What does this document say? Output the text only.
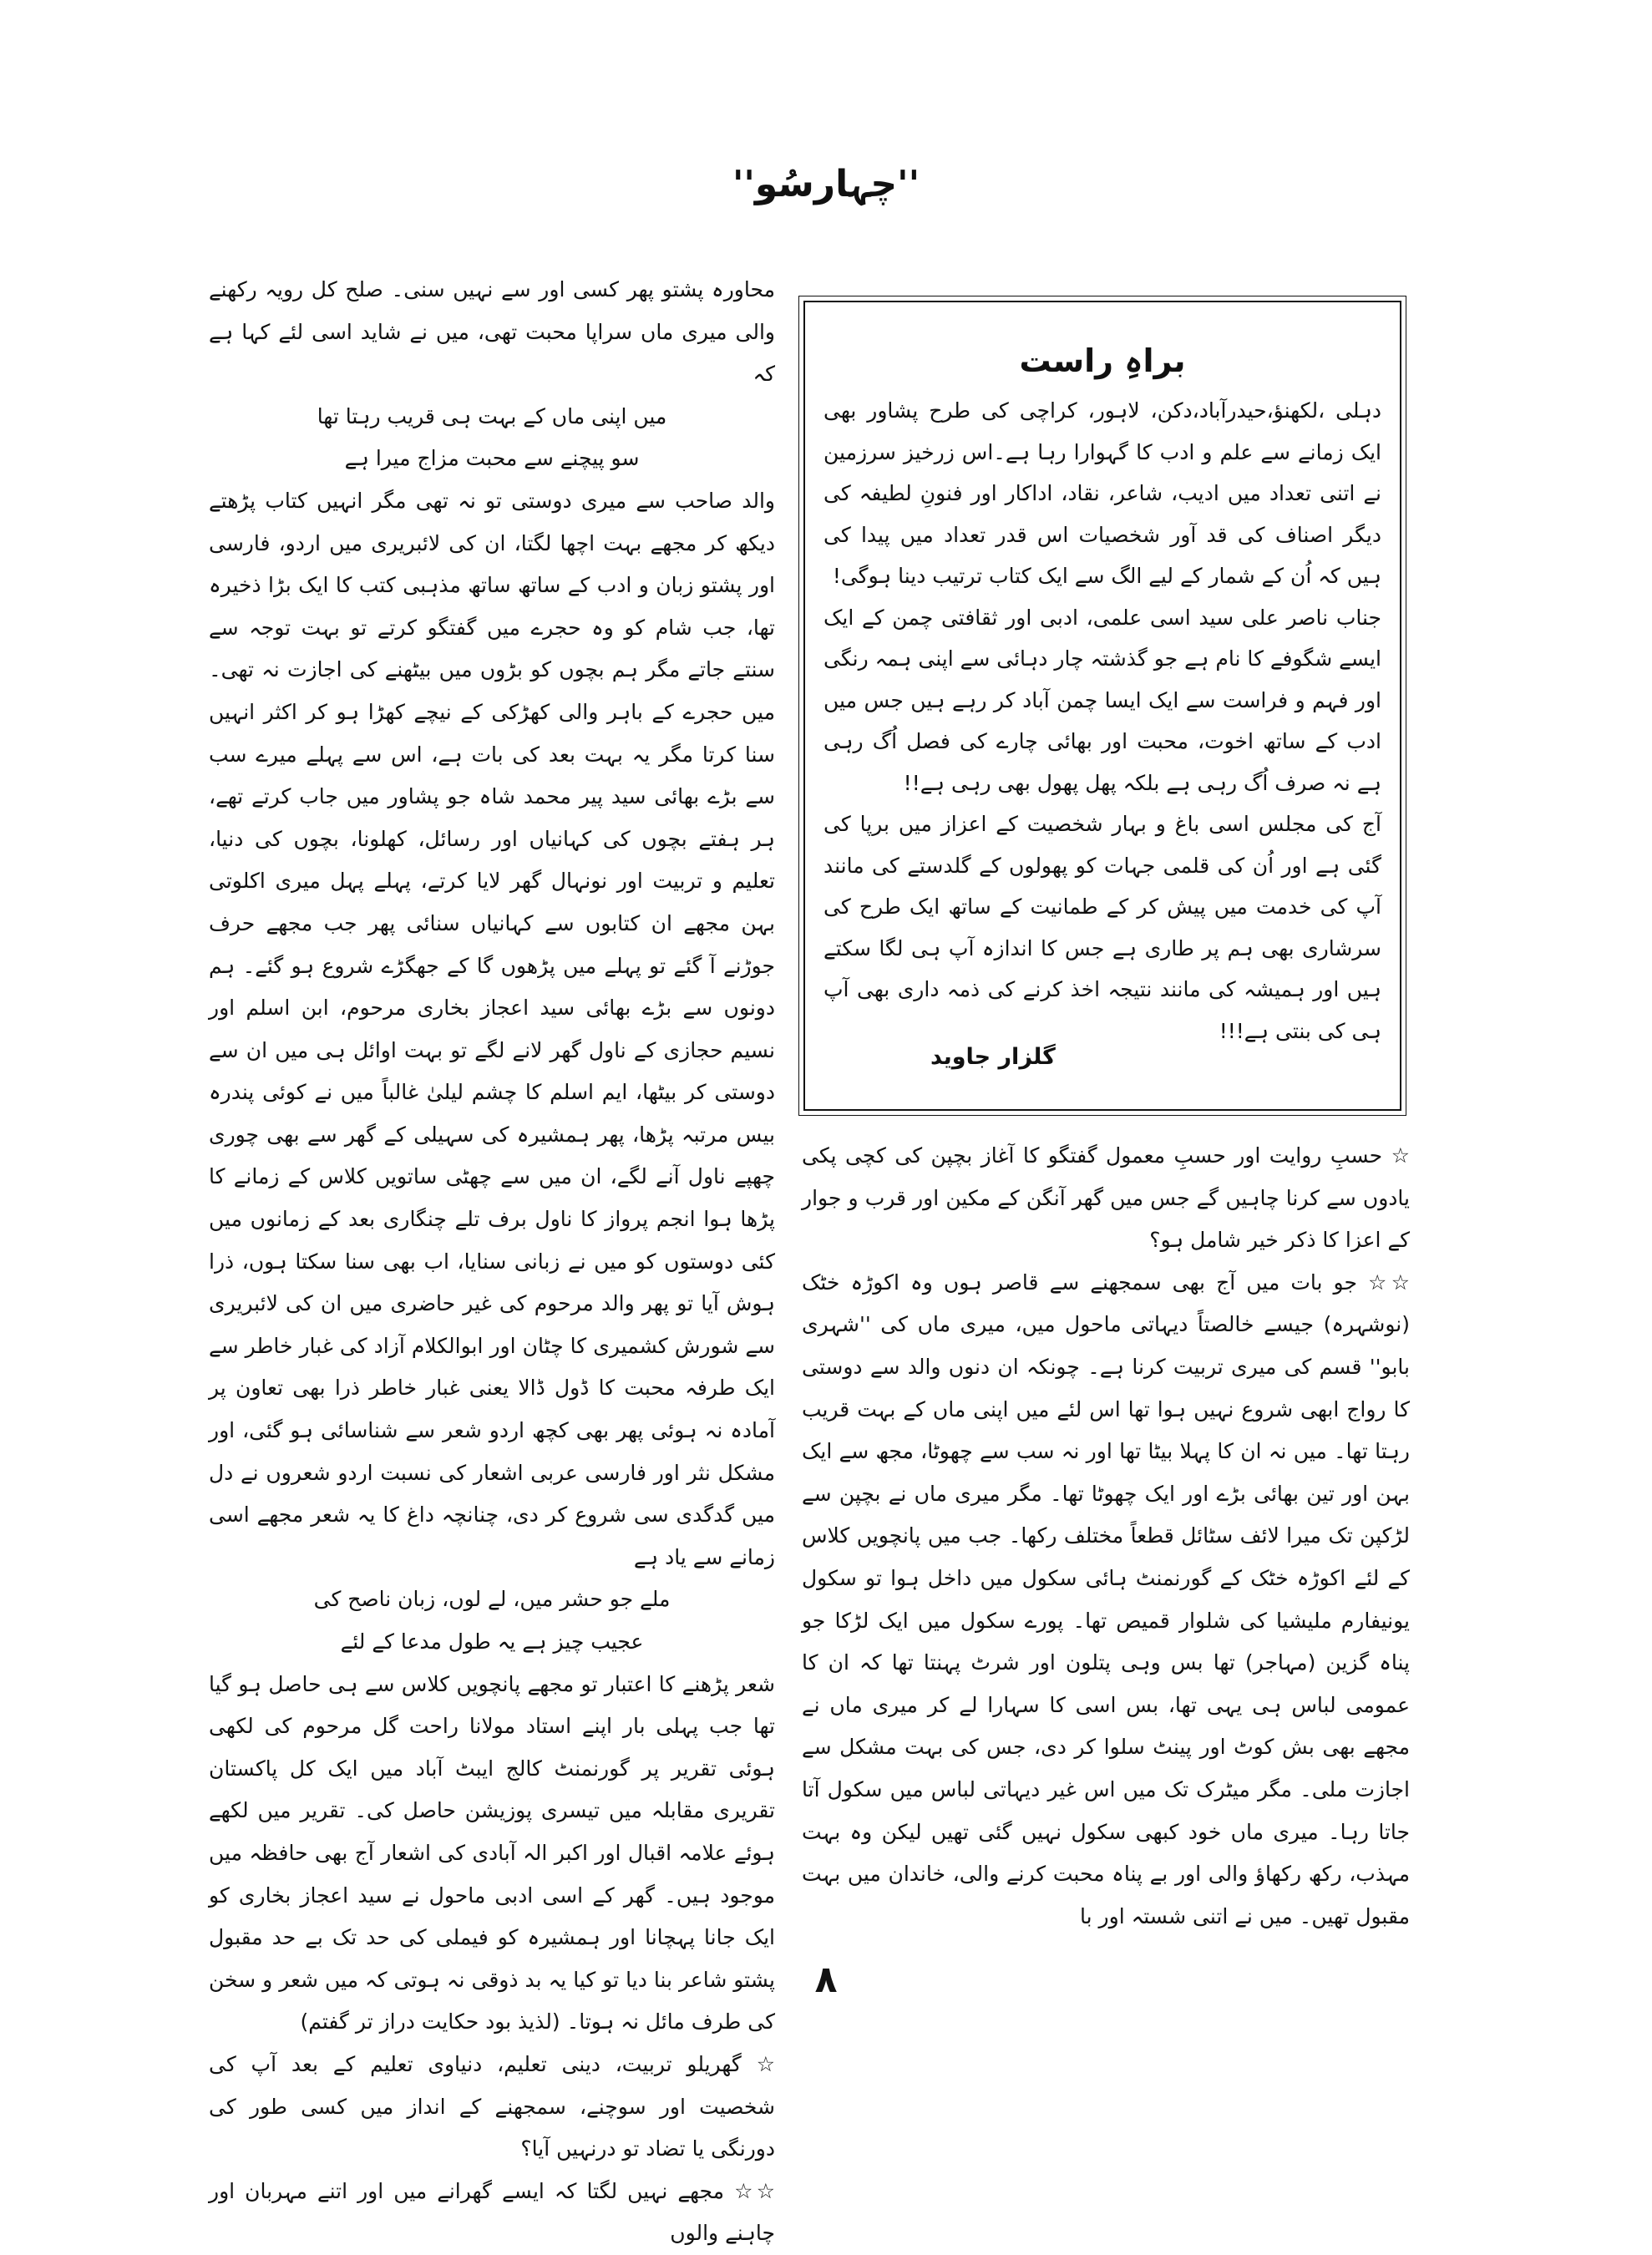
''چہارسُو''
براہِ راست

دہلی ،لکھنؤ،حیدرآباد،دکن، لاہور، کراچی کی طرح پشاور بھی ایک زمانے سے علم و ادب کا گہوارا رہا ہے۔اس زرخیز سرزمین نے اتنی تعداد میں ادیب، شاعر، نقاد، اداکار اور فنونِ لطیفہ کی دیگر اصناف کی قد آور شخصیات اس قدر تعداد میں پیدا کی ہیں کہ اُن کے شمار کے لیے الگ سے ایک کتاب ترتیب دینا ہوگی!

جناب ناصر علی سید اسی علمی، ادبی اور ثقافتی چمن کے ایک ایسے شگوفے کا نام ہے جو گذشتہ چار دہائی سے اپنی ہمہ رنگی اور فہم و فراست سے ایک ایسا چمن آباد کر رہے ہیں جس میں ادب کے ساتھ اخوت، محبت اور بھائی چارے کی فصل اُگ رہی ہے نہ صرف اُگ رہی ہے بلکہ پھل پھول بھی رہی ہے!!

آج کی مجلس اسی باغ و بہار شخصیت کے اعزاز میں برپا کی گئی ہے اور اُن کی قلمی جہات کو پھولوں کے گلدستے کی مانند آپ کی خدمت میں پیش کر کے طمانیت کے ساتھ ایک طرح کی سرشاری بھی ہم پر طاری ہے جس کا اندازہ آپ ہی لگا سکتے ہیں اور ہمیشہ کی مانند نتیجہ اخذ کرنے کی ذمہ داری بھی آپ ہی کی بنتی ہے!!!

گلزار جاوید

☆ حسبِ روایت اور حسبِ معمول گفتگو کا آغاز بچپن کی کچی پکی یادوں سے کرنا چاہیں گے جس میں گھر آنگن کے مکین اور قرب و جوار کے اعزا کا ذکر خیر شامل ہو؟

☆☆ جو بات میں آج بھی سمجھنے سے قاصر ہوں وہ اکوڑہ خٹک (نوشہرہ) جیسے خالصتاً دیہاتی ماحول میں، میری ماں کی ''شہری بابو'' قسم کی میری تربیت کرنا ہے۔ چونکہ ان دنوں والد سے دوستی کا رواج ابھی شروع نہیں ہوا تھا اس لئے میں اپنی ماں کے بہت قریب رہتا تھا۔ میں نہ ان کا پہلا بیٹا تھا اور نہ سب سے چھوٹا، مجھ سے ایک بہن اور تین بھائی بڑے اور ایک چھوٹا تھا۔ مگر میری ماں نے بچپن سے لڑکپن تک میرا لائف سٹائل قطعاً مختلف رکھا۔ جب میں پانچویں کلاس کے لئے اکوڑہ خٹک کے گورنمنٹ ہائی سکول میں داخل ہوا تو سکول یونیفارم ملیشیا کی شلوار قمیص تھا۔ پورے سکول میں ایک لڑکا جو پناہ گزین (مہاجر) تھا بس وہی پتلون اور شرٹ پہنتا تھا کہ ان کا عمومی لباس ہی یہی تھا، بس اسی کا سہارا لے کر میری ماں نے مجھے بھی بش کوٹ اور پینٹ سلوا کر دی، جس کی بہت مشکل سے اجازت ملی۔ مگر میٹرک تک میں اس غیر دیہاتی لباس میں سکول آتا جاتا رہا۔ میری ماں خود کبھی سکول نہیں گئی تھیں لیکن وہ بہت مہذب، رکھ رکھاؤ والی اور بے پناہ محبت کرنے والی، خاندان میں بہت مقبول تھیں۔ میں نے اتنی شستہ اور با

محاورہ پشتو پھر کسی اور سے نہیں سنی۔ صلح کل رویہ رکھنے والی میری ماں سراپا محبت تھی، میں نے شاید اسی لئے کہا ہے کہ

میں اپنی ماں کے بہت ہی قریب رہتا تھا

سو پیچنے سے محبت مزاج میرا ہے

والد صاحب سے میری دوستی تو نہ تھی مگر انہیں کتاب پڑھتے دیکھ کر مجھے بہت اچھا لگتا، ان کی لائبریری میں اردو، فارسی اور پشتو زبان و ادب کے ساتھ ساتھ مذہبی کتب کا ایک بڑا ذخیرہ تھا، جب شام کو وہ حجرے میں گفتگو کرتے تو بہت توجہ سے سنتے جاتے مگر ہم بچوں کو بڑوں میں بیٹھنے کی اجازت نہ تھی۔ میں حجرے کے باہر والی کھڑکی کے نیچے کھڑا ہو کر اکثر انہیں سنا کرتا مگر یہ بہت بعد کی بات ہے، اس سے پہلے میرے سب سے بڑے بھائی سید پیر محمد شاہ جو پشاور میں جاب کرتے تھے، ہر ہفتے بچوں کی کہانیاں اور رسائل، کھلونا، بچوں کی دنیا، تعلیم و تربیت اور نونہال گھر لایا کرتے، پہلے پہل میری اکلوتی بہن مجھے ان کتابوں سے کہانیاں سنائی پھر جب مجھے حرف جوڑنے آ گئے تو پہلے میں پڑھوں گا کے جھگڑے شروع ہو گئے۔ ہم دونوں سے بڑے بھائی سید اعجاز بخاری مرحوم، ابن اسلم اور نسیم حجازی کے ناول گھر لانے لگے تو بہت اوائل ہی میں ان سے دوستی کر بیٹھا، ایم اسلم کا چشم لیلیٰ غالباً میں نے کوئی پندرہ بیس مرتبہ پڑھا، پھر ہمشیرہ کی سہیلی کے گھر سے بھی چوری چھپے ناول آنے لگے، ان میں سے چھٹی ساتویں کلاس کے زمانے کا پڑھا ہوا انجم پرواز کا ناول برف تلے چنگاری بعد کے زمانوں میں کئی دوستوں کو میں نے زبانی سنایا، اب بھی سنا سکتا ہوں، ذرا ہوش آیا تو پھر والد مرحوم کی غیر حاضری میں ان کی لائبریری سے شورش کشمیری کا چٹان اور ابوالکلام آزاد کی غبار خاطر سے ایک طرفہ محبت کا ڈول ڈالا یعنی غبار خاطر ذرا بھی تعاون پر آمادہ نہ ہوئی پھر بھی کچھ اردو شعر سے شناسائی ہو گئی، اور مشکل نثر اور فارسی عربی اشعار کی نسبت اردو شعروں نے دل میں گدگدی سی شروع کر دی، چنانچہ داغ کا یہ شعر مجھے اسی زمانے سے یاد ہے

ملے جو حشر میں، لے لوں، زبان ناصح کی

عجیب چیز ہے یہ طول مدعا کے لئے

شعر پڑھنے کا اعتبار تو مجھے پانچویں کلاس سے ہی حاصل ہو گیا تھا جب پہلی بار اپنے استاد مولانا راحت گل مرحوم کی لکھی ہوئی تقریر پر گورنمنٹ کالج ایبٹ آباد میں ایک کل پاکستان تقریری مقابلہ میں تیسری پوزیشن حاصل کی۔ تقریر میں لکھے ہوئے علامہ اقبال اور اکبر الہ آبادی کی اشعار آج بھی حافظہ میں موجود ہیں۔ گھر کے اسی ادبی ماحول نے سید اعجاز بخاری کو ایک جانا پہچانا اور ہمشیرہ کو فیملی کی حد تک بے حد مقبول پشتو شاعر بنا دیا تو کیا یہ بد ذوقی نہ ہوتی کہ میں شعر و سخن کی طرف مائل نہ ہوتا۔ (لذیذ بود حکایت دراز تر گفتم)

☆ گھریلو تربیت، دینی تعلیم، دنیاوی تعلیم کے بعد آپ کی شخصیت اور سوچنے، سمجھنے کے انداز میں کسی طور کی دورنگی یا تضاد تو درنہیں آیا؟

☆☆ مجھے نہیں لگتا کہ ایسے گھرانے میں اور اتنے مہربان اور چاہنے والوں

۸
